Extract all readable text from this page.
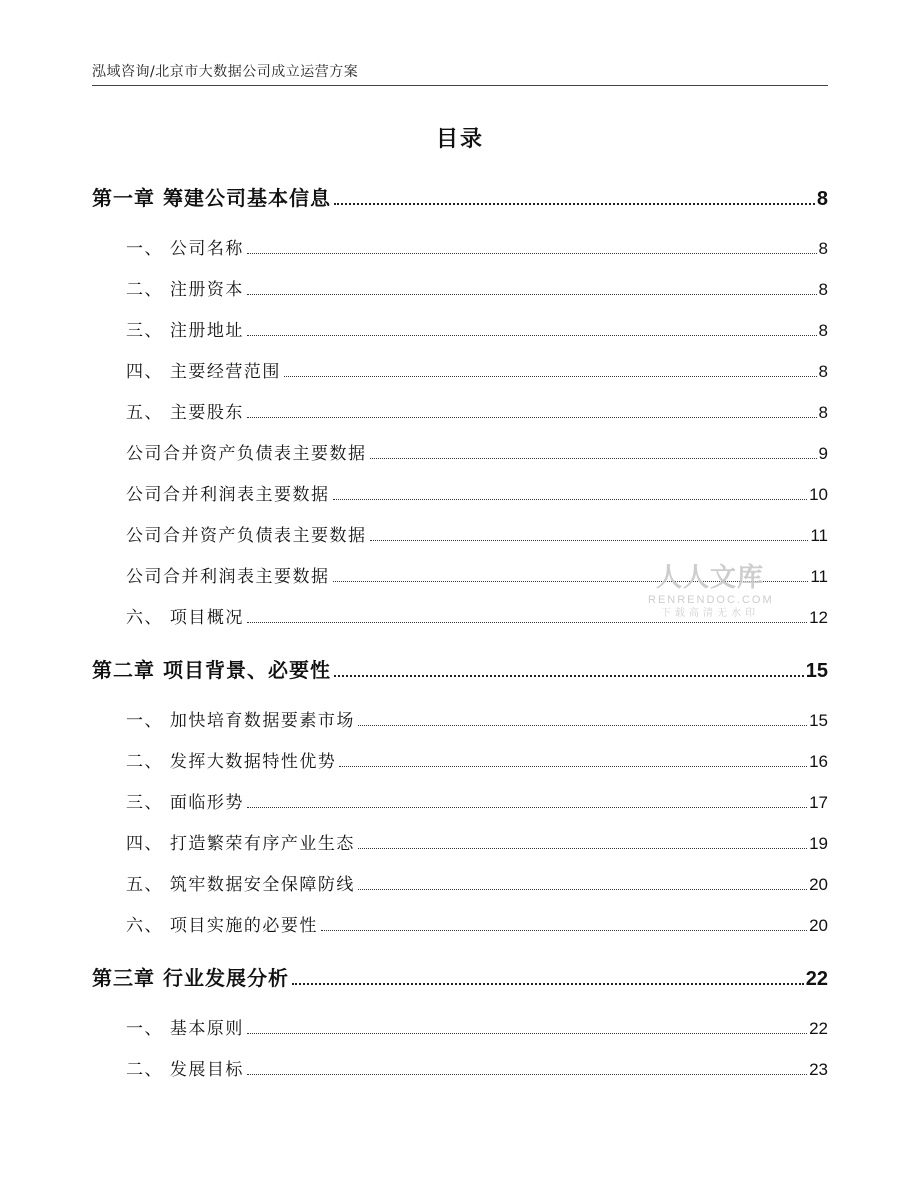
泓域咨询/北京市大数据公司成立运营方案
目录
第一章 筹建公司基本信息	8
一、 公司名称	8
二、 注册资本	8
三、 注册地址	8
四、 主要经营范围	8
五、 主要股东	8
公司合并资产负债表主要数据	9
公司合并利润表主要数据	10
公司合并资产负债表主要数据	11
公司合并利润表主要数据	11
六、 项目概况	12
第二章 项目背景、必要性	15
一、 加快培育数据要素市场	15
二、 发挥大数据特性优势	16
三、 面临形势	17
四、 打造繁荣有序产业生态	19
五、 筑牢数据安全保障防线	20
六、 项目实施的必要性	20
第三章 行业发展分析	22
一、 基本原则	22
二、 发展目标	23
人人文库
RENRENDOC.COM
下载高清无水印
